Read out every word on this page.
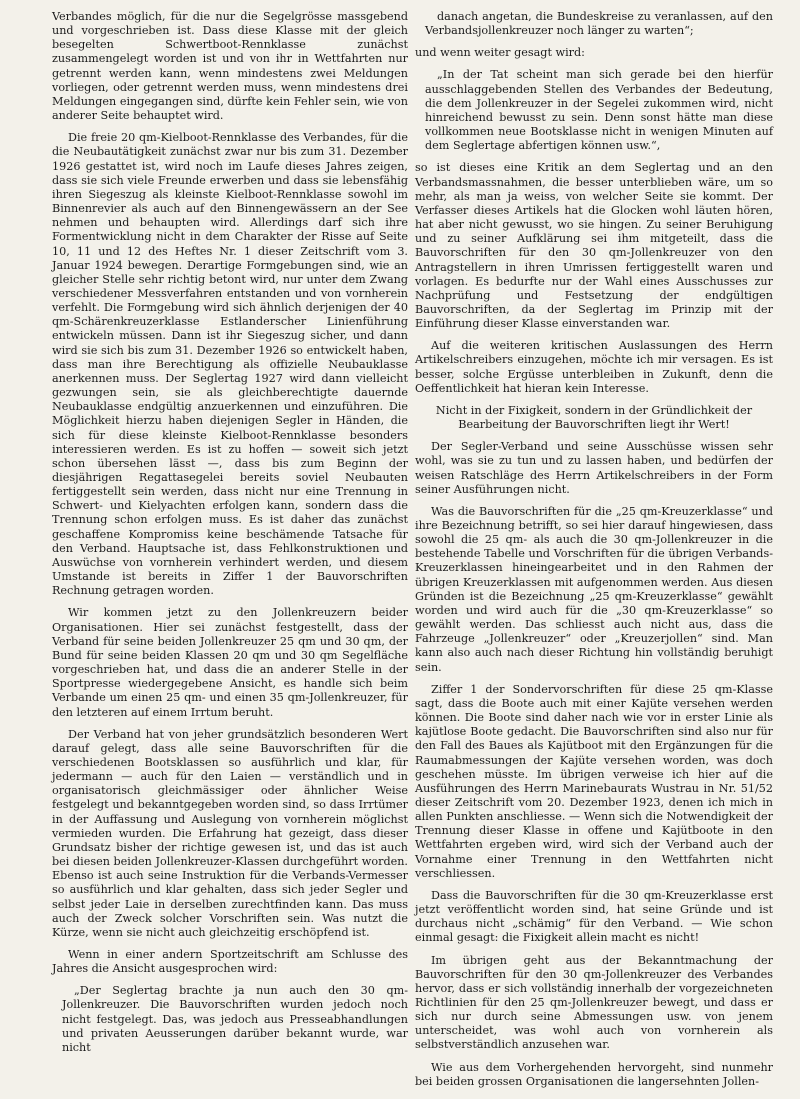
Verbandes möglich, für die nur die Segelgrösse massgebend und vorgeschrieben ist. Dass diese Klasse mit der gleich besegelten Schwertboot-Rennklasse zunächst zusammengelegt worden ist und von ihr in Wettfahrten nur getrennt werden kann, wenn mindestens zwei Meldungen vorliegen, oder getrennt werden muss, wenn mindestens drei Meldungen eingegangen sind, dürfte kein Fehler sein, wie von anderer Seite behauptet wird.

Die freie 20 qm-Kielboot-Rennklasse des Verbandes, für die die Neubautätigkeit zunächst zwar nur bis zum 31. Dezember 1926 gestattet ist, wird noch im Laufe dieses Jahres zeigen, dass sie sich viele Freunde erwerben und dass sie lebensfähig ihren Siegeszug als kleinste Kielboot-Rennklasse sowohl im Binnenrevier als auch auf den Binnengewässern an der See nehmen und behaupten wird. Allerdings darf sich ihre Formentwicklung nicht in dem Charakter der Risse auf Seite 10, 11 und 12 des Heftes Nr. 1 dieser Zeitschrift vom 3. Januar 1924 bewegen. Derartige Formgebungen sind, wie an gleicher Stelle sehr richtig betont wird, nur unter dem Zwang verschiedener Messverfahren entstanden und von vornherein verfehlt. Die Formgebung wird sich ähnlich derjenigen der 40 qm-Schärenkreuzerklasse Estlanderscher Linienführung entwickeln müssen. Dann ist ihr Siegeszug sicher, und dann wird sie sich bis zum 31. Dezember 1926 so entwickelt haben, dass man ihre Berechtigung als offizielle Neubauklasse anerkennen muss. Der Seglertag 1927 wird dann vielleicht gezwungen sein, sie als gleichberechtigte dauernde Neubauklasse endgültig anzuerkennen und einzuführen. Die Möglichkeit hierzu haben diejenigen Segler in Händen, die sich für diese kleinste Kielboot-Rennklasse besonders interessieren werden. Es ist zu hoffen — soweit sich jetzt schon übersehen lässt —, dass bis zum Beginn der diesjährigen Regattasegelei bereits soviel Neubauten fertiggestellt sein werden, dass nicht nur eine Trennung in Schwert- und Kielyachten erfolgen kann, sondern dass die Trennung schon erfolgen muss. Es ist daher das zunächst geschaffene Kompromiss keine beschämende Tatsache für den Verband. Hauptsache ist, dass Fehlkonstruktionen und Auswüchse von vornherein verhindert werden, und diesem Umstande ist bereits in Ziffer 1 der Bauvorschriften Rechnung getragen worden.

Wir kommen jetzt zu den Jollenkreuzern beider Organisationen. Hier sei zunächst festgestellt, dass der Verband für seine beiden Jollenkreuzer 25 qm und 30 qm, der Bund für seine beiden Klassen 20 qm und 30 qm Segelfläche vorgeschrieben hat, und dass die an anderer Stelle in der Sportpresse wiedergegebene Ansicht, es handle sich beim Verbande um einen 25 qm- und einen 35 qm-Jollenkreuzer, für den letzteren auf einem Irrtum beruht.

Der Verband hat von jeher grundsätzlich besonderen Wert darauf gelegt, dass alle seine Bauvorschriften für die verschiedenen Bootsklassen so ausführlich und klar, für jedermann — auch für den Laien — verständlich und in organisatorisch gleichmässiger oder ähnlicher Weise festgelegt und bekanntgegeben worden sind, so dass Irrtümer in der Auffassung und Auslegung von vornherein möglichst vermieden wurden. Die Erfahrung hat gezeigt, dass dieser Grundsatz bisher der richtige gewesen ist, und das ist auch bei diesen beiden Jollenkreuzer-Klassen durchgeführt worden. Ebenso ist auch seine Instruktion für die Verbands-Vermesser so ausführlich und klar gehalten, dass sich jeder Segler und selbst jeder Laie in derselben zurechtfinden kann. Das muss auch der Zweck solcher Vorschriften sein. Was nutzt die Kürze, wenn sie nicht auch gleichzeitig erschöpfend ist.

Wenn in einer andern Sportzeitschrift am Schlusse des Jahres die Ansicht ausgesprochen wird:

„Der Seglertag brachte ja nun auch den 30 qm-Jollenkreuzer. Die Bauvorschriften wurden jedoch noch nicht festgelegt. Das, was jedoch aus Presseabhandlungen und privaten Aeusserungen darüber bekannt wurde, war nicht

danach angetan, die Bundeskreise zu veranlassen, auf den Verbandsjollenkreuzer noch länger zu warten“;

und wenn weiter gesagt wird:

„In der Tat scheint man sich gerade bei den hierfür ausschlaggebenden Stellen des Verbandes der Bedeutung, die dem Jollenkreuzer in der Segelei zukommen wird, nicht hinreichend bewusst zu sein. Denn sonst hätte man diese vollkommen neue Bootsklasse nicht in wenigen Minuten auf dem Seglertage abfertigen können usw.“,

so ist dieses eine Kritik an dem Seglertag und an den Verbandsmassnahmen, die besser unterblieben wäre, um so mehr, als man ja weiss, von welcher Seite sie kommt. Der Verfasser dieses Artikels hat die Glocken wohl läuten hören, hat aber nicht gewusst, wo sie hingen. Zu seiner Beruhigung und zu seiner Aufklärung sei ihm mitgeteilt, dass die Bauvorschriften für den 30 qm-Jollenkreuzer von den Antragstellern in ihren Umrissen fertiggestellt waren und vorlagen. Es bedurfte nur der Wahl eines Ausschusses zur Nachprüfung und Festsetzung der endgültigen Bauvorschriften, da der Seglertag im Prinzip mit der Einführung dieser Klasse einverstanden war.

Auf die weiteren kritischen Auslassungen des Herrn Artikelschreibers einzugehen, möchte ich mir versagen. Es ist besser, solche Ergüsse unterbleiben in Zukunft, denn die Oeffentlichkeit hat hieran kein Interesse.

Nicht in der Fixigkeit, sondern in der Gründlichkeit der Bearbeitung der Bauvorschriften liegt ihr Wert!

Der Segler-Verband und seine Ausschüsse wissen sehr wohl, was sie zu tun und zu lassen haben, und bedürfen der weisen Ratschläge des Herrn Artikelschreibers in der Form seiner Ausführungen nicht.

Was die Bauvorschriften für die „25 qm-Kreuzerklasse“ und ihre Bezeichnung betrifft, so sei hier darauf hingewiesen, dass sowohl die 25 qm- als auch die 30 qm-Jollenkreuzer in die bestehende Tabelle und Vorschriften für die übrigen Verbands-Kreuzerklassen hineingearbeitet und in den Rahmen der übrigen Kreuzerklassen mit aufgenommen werden. Aus diesen Gründen ist die Bezeichnung „25 qm-Kreuzerklasse“ gewählt worden und wird auch für die „30 qm-Kreuzerklasse“ so gewählt werden. Das schliesst auch nicht aus, dass die Fahrzeuge „Jollenkreuzer“ oder „Kreuzerjollen“ sind. Man kann also auch nach dieser Richtung hin vollständig beruhigt sein.

Ziffer 1 der Sondervorschriften für diese 25 qm-Klasse sagt, dass die Boote auch mit einer Kajüte versehen werden können. Die Boote sind daher nach wie vor in erster Linie als kajütlose Boote gedacht. Die Bauvorschriften sind also nur für den Fall des Baues als Kajütboot mit den Ergänzungen für die Raumabmessungen der Kajüte versehen worden, was doch geschehen müsste. Im übrigen verweise ich hier auf die Ausführungen des Herrn Marinebaurats Wustrau in Nr. 51/52 dieser Zeitschrift vom 20. Dezember 1923, denen ich mich in allen Punkten anschliesse. — Wenn sich die Notwendigkeit der Trennung dieser Klasse in offene und Kajütboote in den Wettfahrten ergeben wird, wird sich der Verband auch der Vornahme einer Trennung in den Wettfahrten nicht verschliessen.

Dass die Bauvorschriften für die 30 qm-Kreuzerklasse erst jetzt veröffentlicht worden sind, hat seine Gründe und ist durchaus nicht „schämig“ für den Verband. — Wie schon einmal gesagt: die Fixigkeit allein macht es nicht!

Im übrigen geht aus der Bekanntmachung der Bauvorschriften für den 30 qm-Jollenkreuzer des Verbandes hervor, dass er sich vollständig innerhalb der vorgezeichneten Richtlinien für den 25 qm-Jollenkreuzer bewegt, und dass er sich nur durch seine Abmessungen usw. von jenem unterscheidet, was wohl auch von vornherein als selbstverständlich anzusehen war.

Wie aus dem Vorhergehenden hervorgeht, sind nunmehr bei beiden grossen Organisationen die langersehnten Jollen-
